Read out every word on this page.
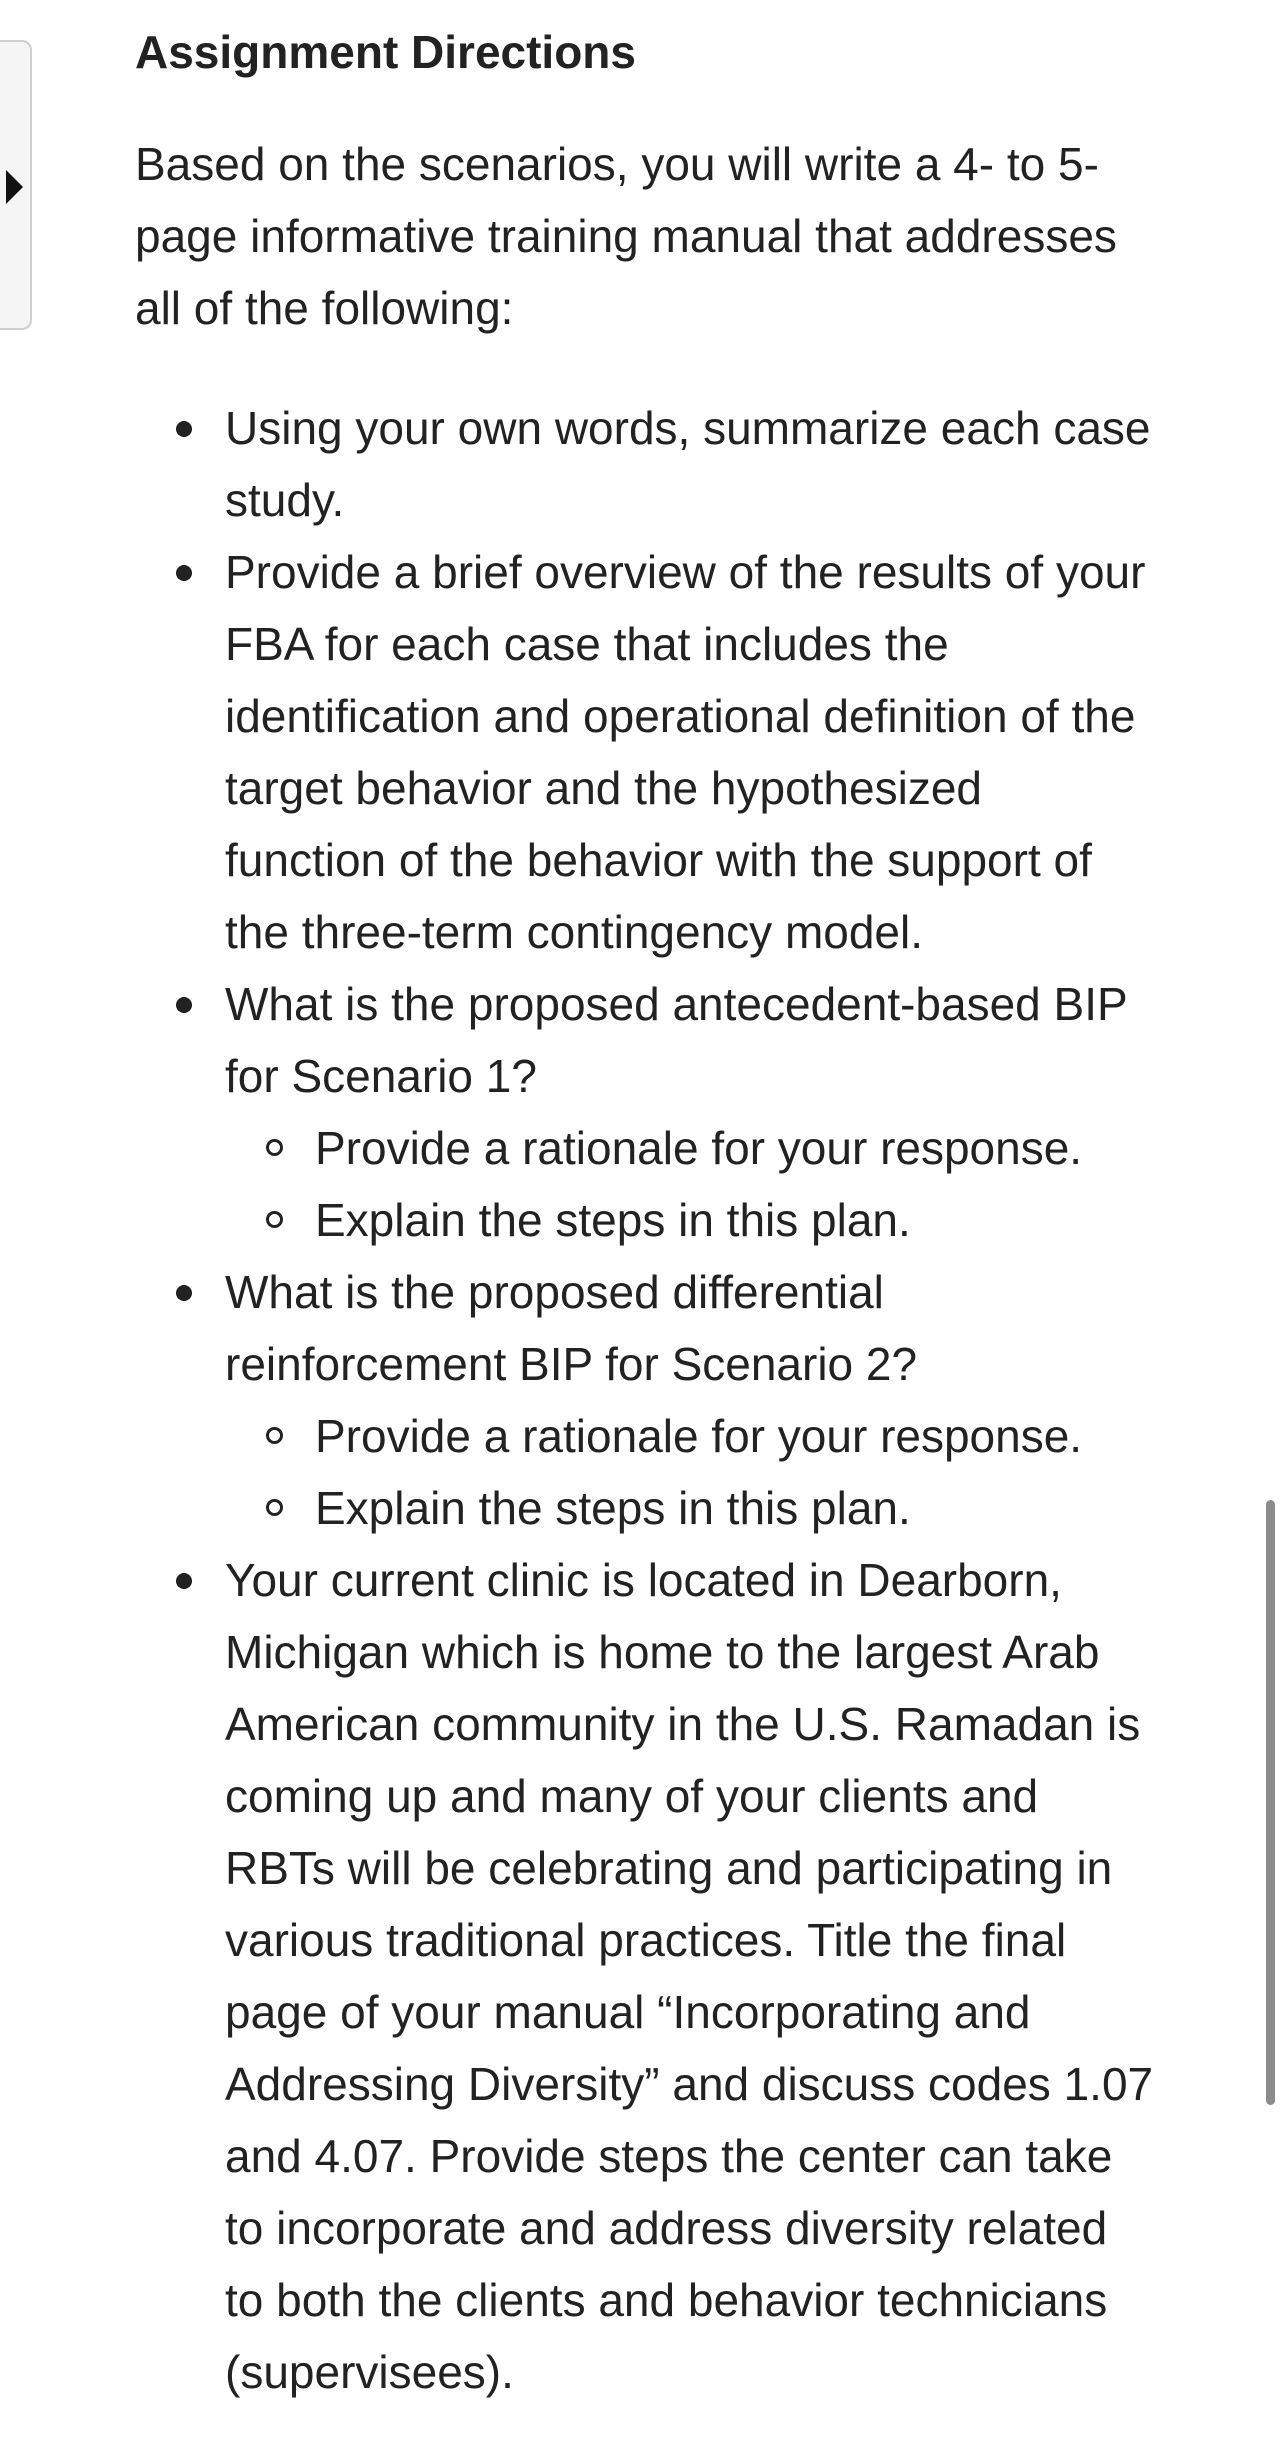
Assignment Directions

Based on the scenarios, you will write a 4- to 5-page informative training manual that addresses all of the following:

Using your own words, summarize each case study.
Provide a brief overview of the results of your FBA for each case that includes the identification and operational definition of the target behavior and the hypothesized function of the behavior with the support of the three-term contingency model.
What is the proposed antecedent-based BIP for Scenario 1?
Provide a rationale for your response.
Explain the steps in this plan.
What is the proposed differential reinforcement BIP for Scenario 2?
Provide a rationale for your response.
Explain the steps in this plan.
Your current clinic is located in Dearborn, Michigan which is home to the largest Arab American community in the U.S. Ramadan is coming up and many of your clients and RBTs will be celebrating and participating in various traditional practices. Title the final page of your manual “Incorporating and Addressing Diversity” and discuss codes 1.07 and 4.07. Provide steps the center can take to incorporate and address diversity related to both the clients and behavior technicians (supervisees).
